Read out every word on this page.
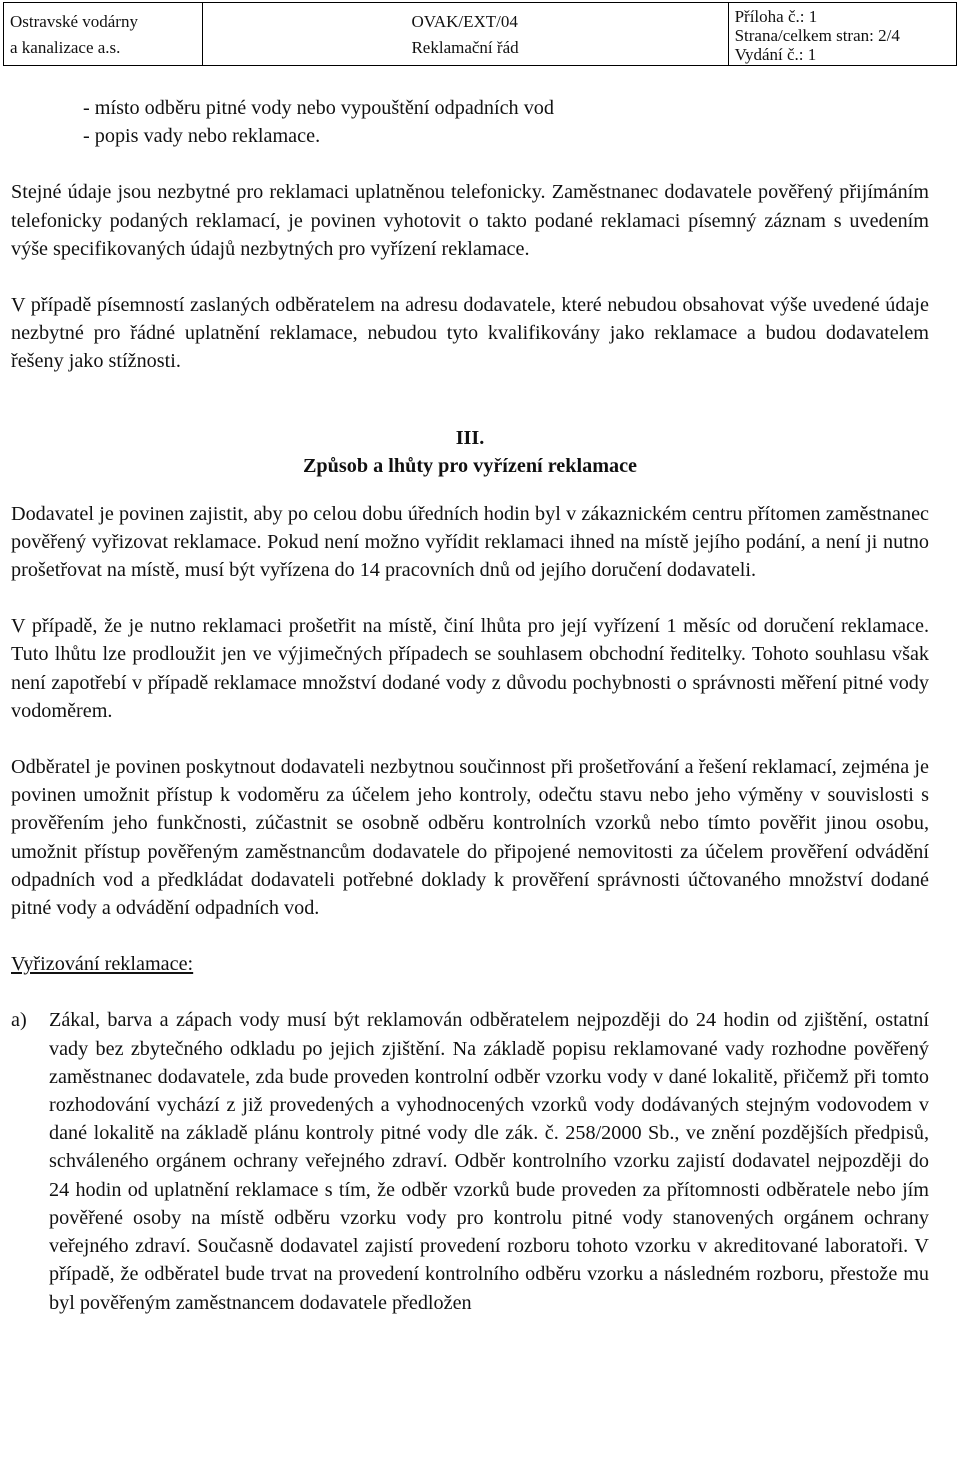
Ostravské vodárny
a kanalizace a.s.
OVAK/EXT/04
Reklamační řád
Příloha č.: 1
Strana/celkem stran: 2/4
Vydání č.: 1

- místo odběru pitné vody nebo vypouštění odpadních vod

- popis vady nebo reklamace.

Stejné údaje jsou nezbytné pro reklamaci uplatněnou telefonicky. Zaměstnanec dodavatele pověřený přijímáním telefonicky podaných reklamací, je povinen vyhotovit o takto podané reklamaci písemný záznam s uvedením výše specifikovaných údajů nezbytných pro vyřízení reklamace.

V případě písemností zaslaných odběratelem na adresu dodavatele, které nebudou obsahovat výše uvedené údaje nezbytné pro řádné uplatnění reklamace, nebudou tyto kvalifikovány jako reklamace a budou dodavatelem řešeny jako stížnosti.

III.
Způsob a lhůty pro vyřízení reklamace

Dodavatel je povinen zajistit, aby po celou dobu úředních hodin byl v zákaznickém centru přítomen zaměstnanec pověřený vyřizovat reklamace. Pokud není možno vyřídit reklamaci ihned na místě jejího podání, a není ji nutno prošetřovat na místě, musí být vyřízena do 14 pracovních dnů od jejího doručení dodavateli.

V případě, že je nutno reklamaci prošetřit na místě, činí lhůta pro její vyřízení 1 měsíc od doručení reklamace. Tuto lhůtu lze prodloužit jen ve výjimečných případech se souhlasem obchodní ředitelky. Tohoto souhlasu však není zapotřebí v případě reklamace množství dodané vody z důvodu pochybnosti o správnosti měření pitné vody vodoměrem.

Odběratel je povinen poskytnout dodavateli nezbytnou součinnost při prošetřování a řešení reklamací, zejména je povinen umožnit přístup k vodoměru za účelem jeho kontroly, odečtu stavu nebo jeho výměny v souvislosti s prověřením jeho funkčnosti, zúčastnit se osobně odběru kontrolních vzorků nebo tímto pověřit jinou osobu, umožnit přístup pověřeným zaměstnancům dodavatele do připojené nemovitosti za účelem prověření odvádění odpadních vod a předkládat dodavateli potřebné doklady k prověření správnosti účtovaného množství dodané pitné vody a odvádění odpadních vod.

Vyřizování reklamace:

a)	Zákal, barva a zápach vody musí být reklamován odběratelem nejpozději do 24 hodin od zjištění, ostatní vady bez zbytečného odkladu po jejich zjištění. Na základě popisu reklamované vady rozhodne pověřený zaměstnanec dodavatele, zda bude proveden kontrolní odběr vzorku vody v dané lokalitě, přičemž při tomto rozhodování vychází z již provedených a vyhodnocených vzorků vody dodávaných stejným vodovodem v dané lokalitě na základě plánu kontroly pitné vody dle zák. č. 258/2000 Sb., ve znění pozdějších předpisů, schváleného orgánem ochrany veřejného zdraví. Odběr kontrolního vzorku zajistí dodavatel nejpozději do 24 hodin od uplatnění reklamace s tím, že odběr vzorků bude proveden za přítomnosti odběratele nebo jím pověřené osoby na místě odběru vzorku vody pro kontrolu pitné vody stanovených orgánem ochrany veřejného zdraví. Současně dodavatel zajistí provedení rozboru tohoto vzorku v akreditované laboratoři. V případě, že odběratel bude trvat na provedení kontrolního odběru vzorku a následném rozboru, přestože mu byl pověřeným zaměstnancem dodavatele předložen
